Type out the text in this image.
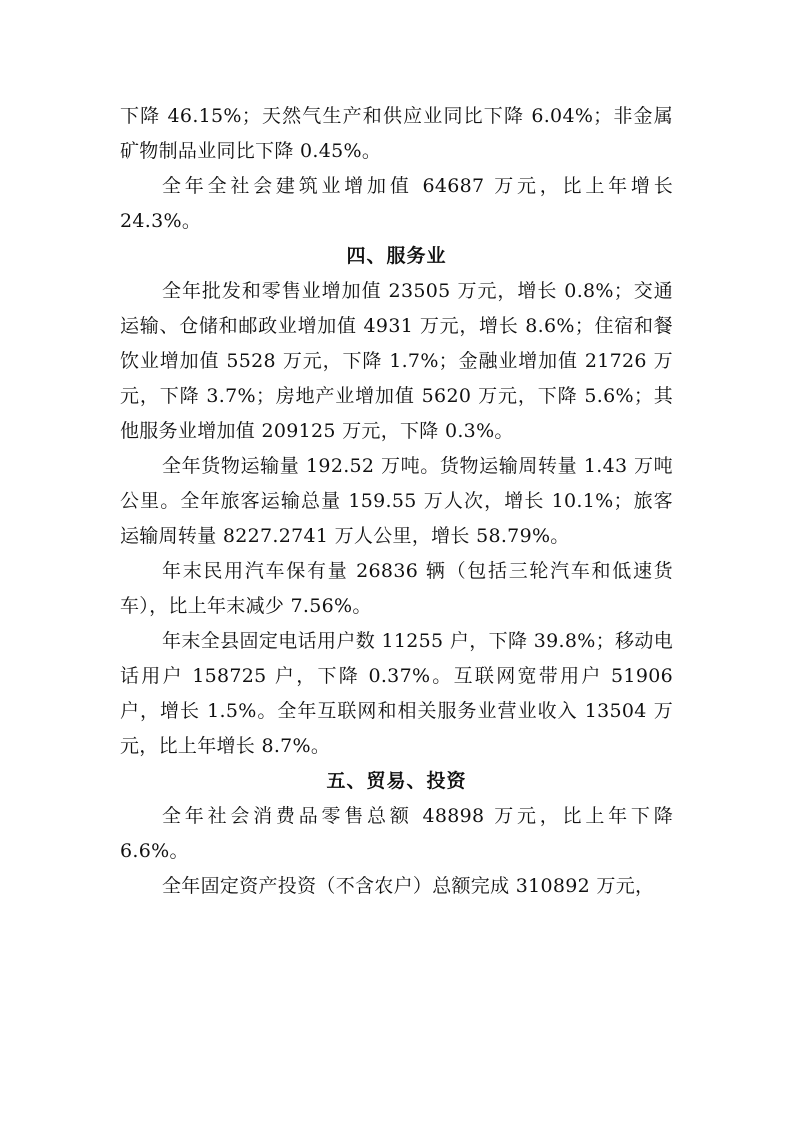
下降 46.15%；天然气生产和供应业同比下降 6.04%；非金属矿物制品业同比下降 0.45%。

全年全社会建筑业增加值 64687 万元，比上年增长 24.3%。

四、服务业

全年批发和零售业增加值 23505 万元，增长 0.8%；交通运输、仓储和邮政业增加值 4931 万元，增长 8.6%；住宿和餐饮业增加值 5528 万元，下降 1.7%；金融业增加值 21726 万元，下降 3.7%；房地产业增加值 5620 万元，下降 5.6%；其他服务业增加值 209125 万元，下降 0.3%。

全年货物运输量 192.52 万吨。货物运输周转量 1.43 万吨公里。全年旅客运输总量 159.55 万人次，增长 10.1%；旅客运输周转量 8227.2741 万人公里，增长 58.79%。

年末民用汽车保有量 26836 辆（包括三轮汽车和低速货车），比上年末减少 7.56%。

年末全县固定电话用户数 11255 户，下降 39.8%；移动电话用户 158725 户，下降 0.37%。互联网宽带用户 51906 户，增长 1.5%。全年互联网和相关服务业营业收入 13504 万元，比上年增长 8.7%。

五、贸易、投资

全年社会消费品零售总额 48898 万元，比上年下降 6.6%。

全年固定资产投资（不含农户）总额完成 310892 万元，
